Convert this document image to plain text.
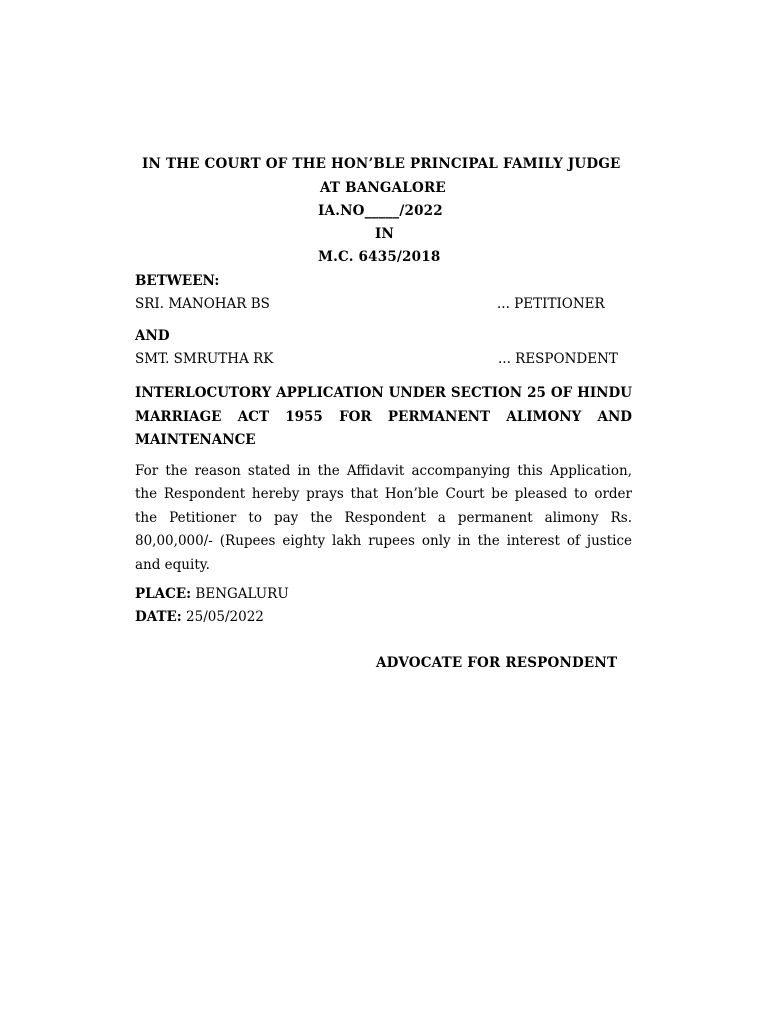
IN THE COURT OF THE HON’BLE PRINCIPAL FAMILY JUDGE
AT BANGALORE
IA.NO_____/2022
IN
M.C. 6435/2018
BETWEEN:
SRI. MANOHAR BS	... PETITIONER
AND
SMT. SMRUTHA RK	... RESPONDENT
INTERLOCUTORY APPLICATION UNDER SECTION 25 OF HINDU MARRIAGE ACT 1955 FOR PERMANENT ALIMONY AND MAINTENANCE
For the reason stated in the Affidavit accompanying this Application, the Respondent hereby prays that Hon’ble Court be pleased to order the Petitioner to pay the Respondent a permanent alimony Rs. 80,00,000/- (Rupees eighty lakh rupees only in the interest of justice and equity.
PLACE: BENGALURU
DATE: 25/05/2022
ADVOCATE FOR RESPONDENT
